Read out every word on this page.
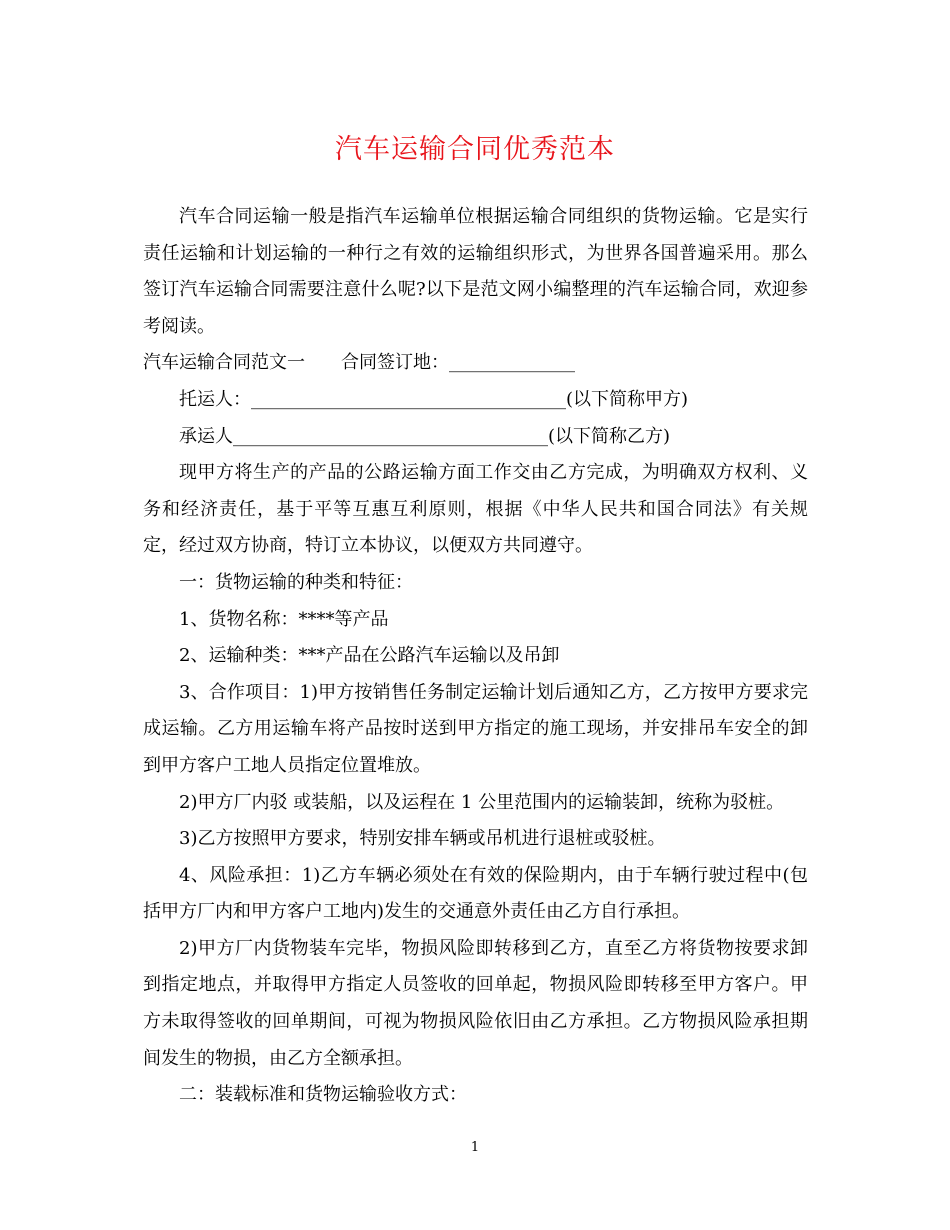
汽车运输合同优秀范本

汽车合同运输一般是指汽车运输单位根据运输合同组织的货物运输。它是实行责任运输和计划运输的一种行之有效的运输组织形式，为世界各国普遍采用。那么签订汽车运输合同需要注意什么呢?以下是范文网小编整理的汽车运输合同，欢迎参考阅读。

汽车运输合同范文一　　合同签订地：______________

托运人：___________________________________(以下简称甲方)

承运人___________________________________(以下简称乙方)

现甲方将生产的产品的公路运输方面工作交由乙方完成，为明确双方权利、义务和经济责任，基于平等互惠互利原则，根据《中华人民共和国合同法》有关规定，经过双方协商，特订立本协议，以便双方共同遵守。

一：货物运输的种类和特征：

1、货物名称：****等产品

2、运输种类：***产品在公路汽车运输以及吊卸

3、合作项目：1)甲方按销售任务制定运输计划后通知乙方，乙方按甲方要求完成运输。乙方用运输车将产品按时送到甲方指定的施工现场，并安排吊车安全的卸到甲方客户工地人员指定位置堆放。

2)甲方厂内驳 或装船，以及运程在 1 公里范围内的运输装卸，统称为驳桩。

3)乙方按照甲方要求，特别安排车辆或吊机进行退桩或驳桩。

4、风险承担：1)乙方车辆必须处在有效的保险期内，由于车辆行驶过程中(包括甲方厂内和甲方客户工地内)发生的交通意外责任由乙方自行承担。

2)甲方厂内货物装车完毕，物损风险即转移到乙方，直至乙方将货物按要求卸到指定地点，并取得甲方指定人员签收的回单起，物损风险即转移至甲方客户。甲方未取得签收的回单期间，可视为物损风险依旧由乙方承担。乙方物损风险承担期间发生的物损，由乙方全额承担。

二：装载标准和货物运输验收方式：

1
